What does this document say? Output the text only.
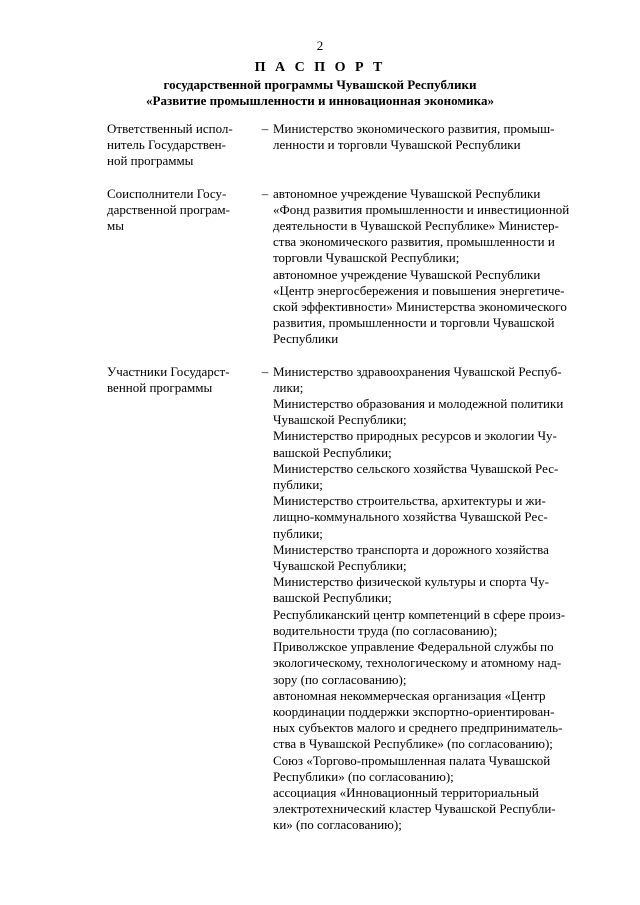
2
П А С П О Р Т
государственной программы Чувашской Республики
«Развитие промышленности и инновационная экономика»
Ответственный испол-
нитель Государствен-
ной программы
– Министерство экономического развития, промыш-
ленности и торговли Чувашской Республики
Соисполнители Госу-
дарственной програм-
мы
– автономное учреждение Чувашской Республики
«Фонд развития промышленности и инвестиционной
деятельности в Чувашской Республике» Министер-
ства экономического развития, промышленности и
торговли Чувашской Республики;
автономное учреждение Чувашской Республики
«Центр энергосбережения и повышения энергетиче-
ской эффективности» Министерства экономического
развития, промышленности и торговли Чувашской
Республики
Участники Государст-
венной программы
– Министерство здравоохранения Чувашской Респуб-
лики;
Министерство образования и молодежной политики
Чувашской Республики;
Министерство природных ресурсов и экологии Чу-
вашской Республики;
Министерство сельского хозяйства Чувашской Рес-
публики;
Министерство строительства, архитектуры и жи-
лищно-коммунального хозяйства Чувашской Рес-
публики;
Министерство транспорта и дорожного хозяйства
Чувашской Республики;
Министерство физической культуры и спорта Чу-
вашской Республики;
Республиканский центр компетенций в сфере произ-
водительности труда (по согласованию);
Приволжское управление Федеральной службы по
экологическому, технологическому и атомному над-
зору (по согласованию);
автономная некоммерческая организация «Центр
координации поддержки экспортно-ориентирован-
ных субъектов малого и среднего предприниматель-
ства в Чувашской Республике» (по согласованию);
Союз «Торгово-промышленная палата Чувашской
Республики» (по согласованию);
ассоциация «Инновационный территориальный
электротехнический кластер Чувашской Республи-
ки» (по согласованию);
